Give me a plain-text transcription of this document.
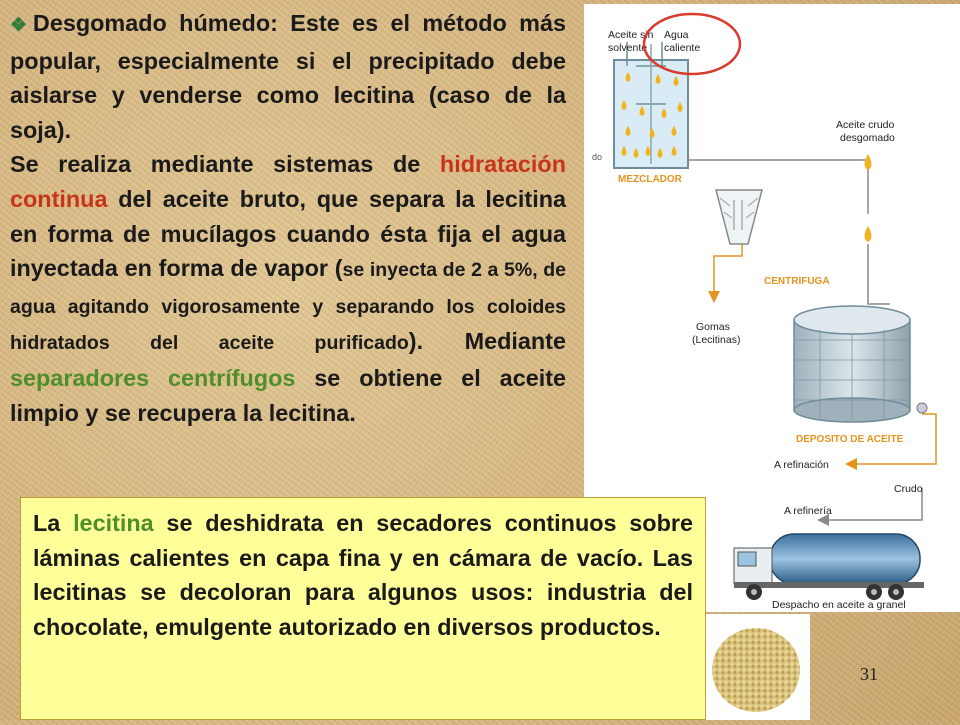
❖Desgomado húmedo: Este es el método más popular, especialmente si el precipitado debe aislarse y venderse como lecitina (caso de la soja).

Se realiza mediante sistemas de hidratación continua del aceite bruto, que separa la lecitina en forma de mucílagos cuando ésta fija el agua inyectada en forma de vapor (se inyecta de 2 a 5%, de agua agitando vigorosamente y separando los coloides hidratados del aceite purificado). Mediante separadores centrífugos se obtiene el aceite limpio y se recupera la lecitina.

do
MEZCLADOR
Aceite sin
solvente
Agua
caliente
Aceite crudo
desgomado
CENTRIFUGA
Gomas
(Lecitinas)
DEPOSITO DE ACEITE
A refinación
Crudo
A refinería
Despacho en aceite a granel

La lecitina se deshidrata en secadores continuos sobre láminas calientes en capa fina y en cámara de vacío. Las lecitinas se decoloran para algunos usos: industria del chocolate, emulgente autorizado en diversos productos.

31
